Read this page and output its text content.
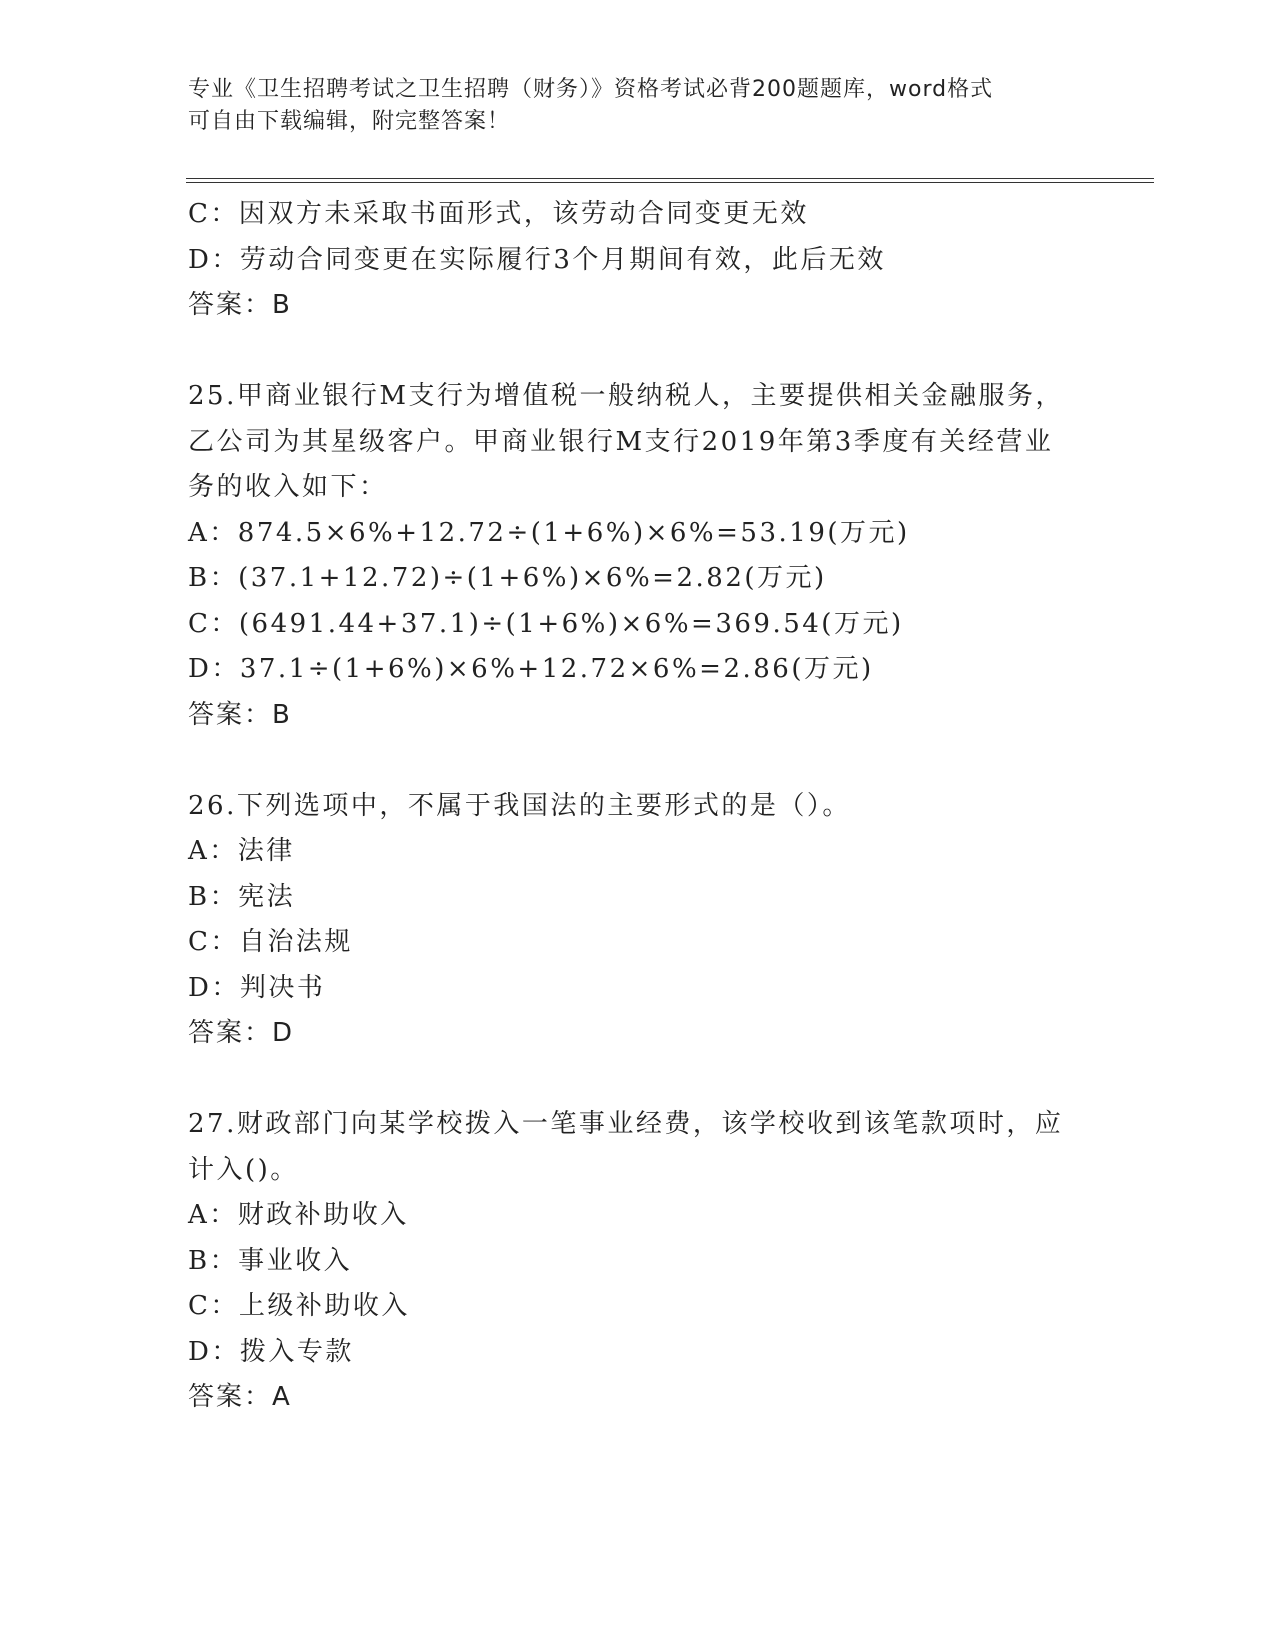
专业《卫生招聘考试之卫生招聘（财务）》资格考试必背200题题库，word格式
可自由下载编辑，附完整答案！
C：因双方未采取书面形式，该劳动合同变更无效
D：劳动合同变更在实际履行3个月期间有效，此后无效
答案：B
25.甲商业银行M支行为增值税一般纳税人，主要提供相关金融服务，
乙公司为其星级客户。甲商业银行M支行2019年第3季度有关经营业
务的收入如下：
A：874.5×6%+12.72÷(1+6%)×6%=53.19(万元)
B：(37.1+12.72)÷(1+6%)×6%=2.82(万元)
C：(6491.44+37.1)÷(1+6%)×6%=369.54(万元)
D：37.1÷(1+6%)×6%+12.72×6%=2.86(万元)
答案：B
26.下列选项中，不属于我国法的主要形式的是（）。
A：法律
B：宪法
C：自治法规
D：判决书
答案：D
27.财政部门向某学校拨入一笔事业经费，该学校收到该笔款项时，应
计入()。
A：财政补助收入
B：事业收入
C：上级补助收入
D：拨入专款
答案：A
